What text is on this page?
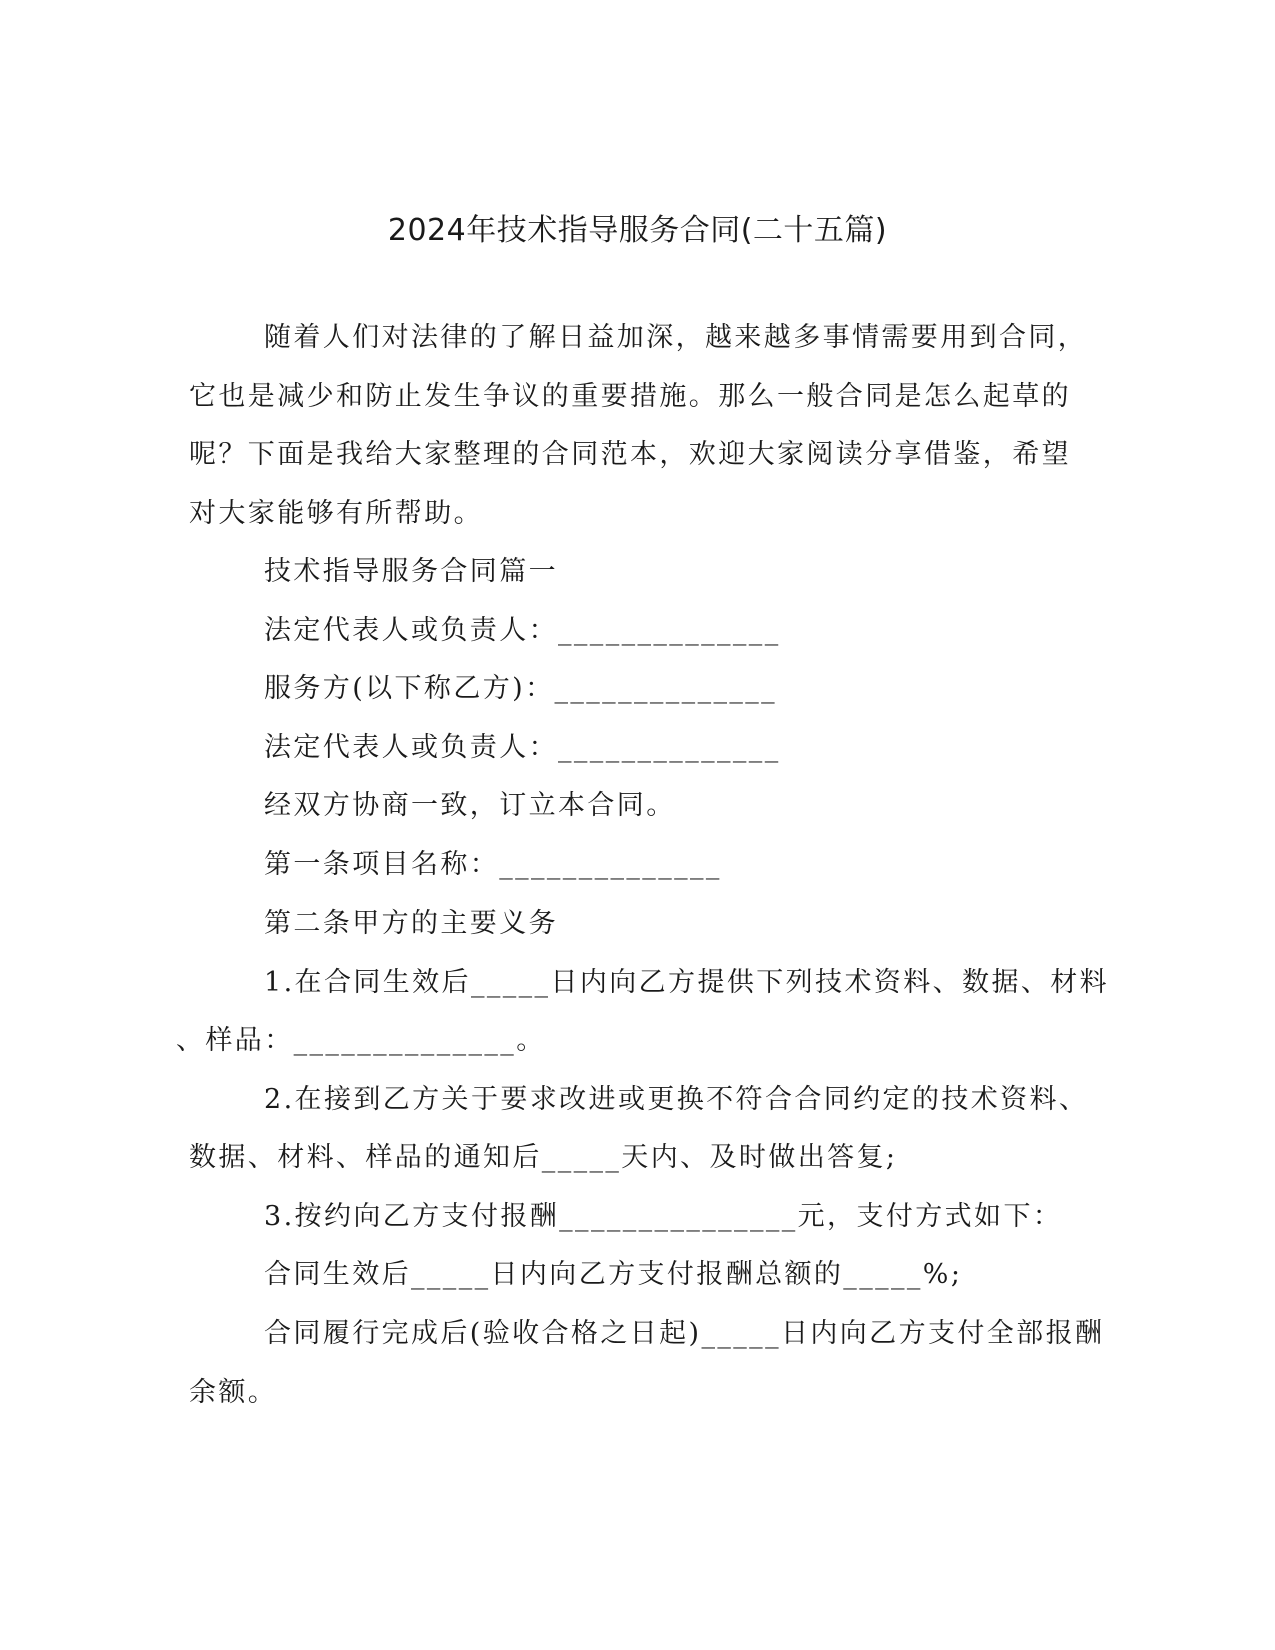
2024年技术指导服务合同(二十五篇)
随着人们对法律的了解日益加深，越来越多事情需要用到合同，
它也是减少和防止发生争议的重要措施。那么一般合同是怎么起草的
呢？下面是我给大家整理的合同范本，欢迎大家阅读分享借鉴，希望
对大家能够有所帮助。
技术指导服务合同篇一
法定代表人或负责人：______________
服务方(以下称乙方)：______________
法定代表人或负责人：______________
经双方协商一致，订立本合同。
第一条项目名称：______________
第二条甲方的主要义务
1.在合同生效后_____日内向乙方提供下列技术资料、数据、材料
、样品：______________。
2.在接到乙方关于要求改进或更换不符合合同约定的技术资料、
数据、材料、样品的通知后_____天内、及时做出答复;
3.按约向乙方支付报酬_______________元，支付方式如下：
合同生效后_____日内向乙方支付报酬总额的_____%;
合同履行完成后(验收合格之日起)_____日内向乙方支付全部报酬
余额。
